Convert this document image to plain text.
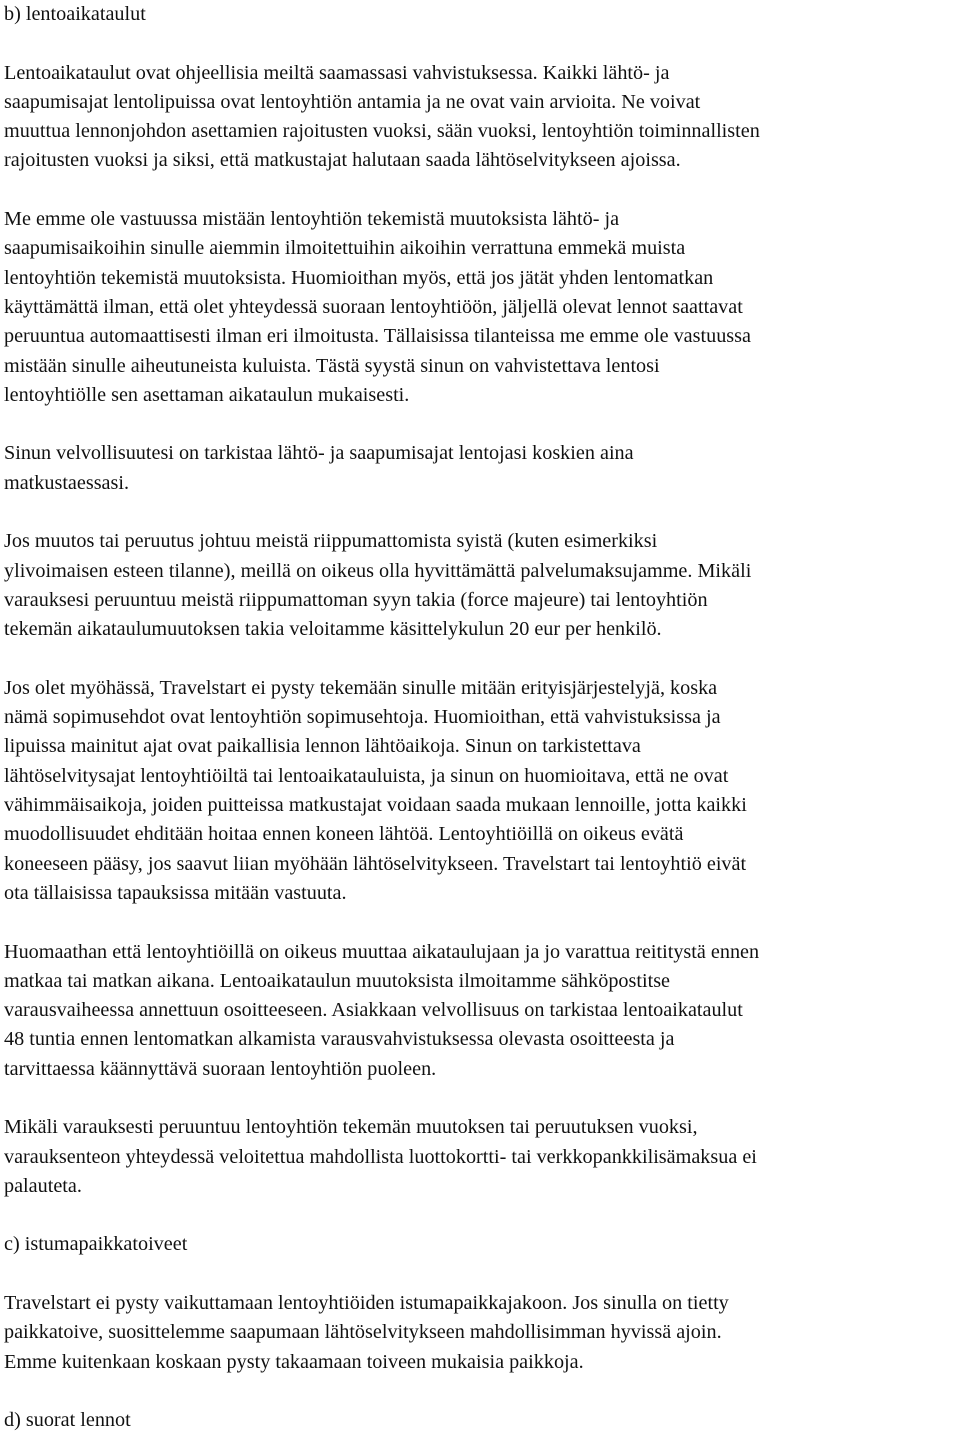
b) lentoaikataulut

Lentoaikataulut ovat ohjeellisia meiltä saamassasi vahvistuksessa. Kaikki lähtö- ja
saapumisajat lentolipuissa ovat lentoyhtiön antamia ja ne ovat vain arvioita. Ne voivat
muuttua lennonjohdon asettamien rajoitusten vuoksi, sään vuoksi, lentoyhtiön toiminnallisten
rajoitusten vuoksi ja siksi, että matkustajat halutaan saada lähtöselvitykseen ajoissa.

Me emme ole vastuussa mistään lentoyhtiön tekemistä muutoksista lähtö- ja
saapumisaikoihin sinulle aiemmin ilmoitettuihin aikoihin verrattuna emmekä muista
lentoyhtiön tekemistä muutoksista. Huomioithan myös, että jos jätät yhden lentomatkan
käyttämättä ilman, että olet yhteydessä suoraan lentoyhtiöön, jäljellä olevat lennot saattavat
peruuntua automaattisesti ilman eri ilmoitusta. Tällaisissa tilanteissa me emme ole vastuussa
mistään sinulle aiheutuneista kuluista. Tästä syystä sinun on vahvistettava lentosi
lentoyhtiölle sen asettaman aikataulun mukaisesti.

Sinun velvollisuutesi on tarkistaa lähtö- ja saapumisajat lentojasi koskien aina
matkustaessasi.

Jos muutos tai peruutus johtuu meistä riippumattomista syistä (kuten esimerkiksi
ylivoimaisen esteen tilanne), meillä on oikeus olla hyvittämättä palvelumaksujamme. Mikäli
varauksesi peruuntuu meistä riippumattoman syyn takia (force majeure) tai lentoyhtiön
tekemän aikataulumuutoksen takia veloitamme käsittelykulun 20 eur per henkilö.

Jos olet myöhässä, Travelstart ei pysty tekemään sinulle mitään erityisjärjestelyjä, koska
nämä sopimusehdot ovat lentoyhtiön sopimusehtoja. Huomioithan, että vahvistuksissa ja
lipuissa mainitut ajat ovat paikallisia lennon lähtöaikoja. Sinun on tarkistettava
lähtöselvitysajat lentoyhtiöiltä tai lentoaikatauluista, ja sinun on huomioitava, että ne ovat
vähimmäisaikoja, joiden puitteissa matkustajat voidaan saada mukaan lennoille, jotta kaikki
muodollisuudet ehditään hoitaa ennen koneen lähtöä. Lentoyhtiöillä on oikeus evätä
koneeseen pääsy, jos saavut liian myöhään lähtöselvitykseen. Travelstart tai lentoyhtiö eivät
ota tällaisissa tapauksissa mitään vastuuta.

Huomaathan että lentoyhtiöillä on oikeus muuttaa aikataulujaan ja jo varattua reititystä ennen
matkaa tai matkan aikana. Lentoaikataulun muutoksista ilmoitamme sähköpostitse
varausvaiheessa annettuun osoitteeseen. Asiakkaan velvollisuus on tarkistaa lentoaikataulut
48 tuntia ennen lentomatkan alkamista varausvahvistuksessa olevasta osoitteesta ja
tarvittaessa käännyttävä suoraan lentoyhtiön puoleen.

Mikäli varauksesti peruuntuu lentoyhtiön tekemän muutoksen tai peruutuksen vuoksi,
varauksenteon yhteydessä veloitettua mahdollista luottokortti- tai verkkopankkilisämaksua ei
palauteta.

c) istumapaikkatoiveet

Travelstart ei pysty vaikuttamaan lentoyhtiöiden istumapaikkajakoon. Jos sinulla on tietty
paikkatoive, suosittelemme saapumaan lähtöselvitykseen mahdollisimman hyvissä ajoin.
Emme kuitenkaan koskaan pysty takaamaan toiveen mukaisia paikkoja.

d) suorat lennot
